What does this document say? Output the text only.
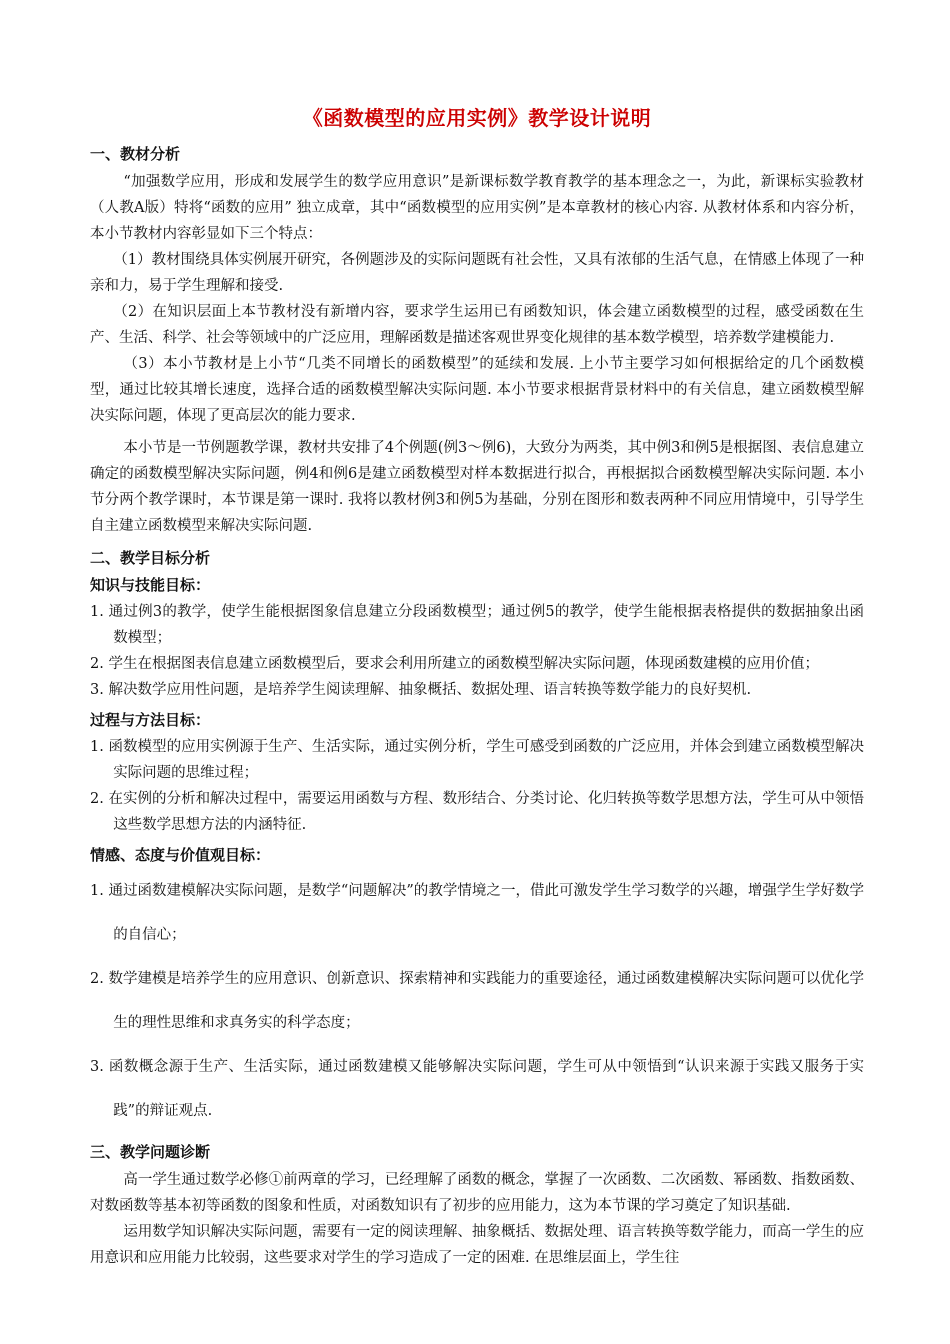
《函数模型的应用实例》教学设计说明
一、教材分析

“加强数学应用，形成和发展学生的数学应用意识”是新课标数学教育教学的基本理念之一，为此，新课标实验教材（人教A版）特将“函数的应用” 独立成章，其中“函数模型的应用实例”是本章教材的核心内容. 从教材体系和内容分析，本小节教材内容彰显如下三个特点：

（1）教材围绕具体实例展开研究，各例题涉及的实际问题既有社会性，又具有浓郁的生活气息，在情感上体现了一种亲和力，易于学生理解和接受.

（2）在知识层面上本节教材没有新增内容，要求学生运用已有函数知识，体会建立函数模型的过程，感受函数在生产、生活、科学、社会等领域中的广泛应用，理解函数是描述客观世界变化规律的基本数学模型，培养数学建模能力.

（3）本小节教材是上小节“几类不同增长的函数模型”的延续和发展. 上小节主要学习如何根据给定的几个函数模型，通过比较其增长速度，选择合适的函数模型解决实际问题. 本小节要求根据背景材料中的有关信息，建立函数模型解决实际问题，体现了更高层次的能力要求.

本小节是一节例题教学课，教材共安排了4个例题(例3～例6)，大致分为两类，其中例3和例5是根据图、表信息建立确定的函数模型解决实际问题，例4和例6是建立函数模型对样本数据进行拟合，再根据拟合函数模型解决实际问题. 本小节分两个教学课时，本节课是第一课时. 我将以教材例3和例5为基础，分别在图形和数表两种不同应用情境中，引导学生自主建立函数模型来解决实际问题.

二、教学目标分析
知识与技能目标：

1. 通过例3的教学，使学生能根据图象信息建立分段函数模型；通过例5的教学，使学生能根据表格提供的数据抽象出函数模型；

2. 学生在根据图表信息建立函数模型后，要求会利用所建立的函数模型解决实际问题，体现函数建模的应用价值；

3. 解决数学应用性问题，是培养学生阅读理解、抽象概括、数据处理、语言转换等数学能力的良好契机.

过程与方法目标：

1. 函数模型的应用实例源于生产、生活实际，通过实例分析，学生可感受到函数的广泛应用，并体会到建立函数模型解决实际问题的思维过程；

2. 在实例的分析和解决过程中，需要运用函数与方程、数形结合、分类讨论、化归转换等数学思想方法，学生可从中领悟这些数学思想方法的内涵特征.

情感、态度与价值观目标：

1. 通过函数建模解决实际问题，是数学“问题解决”的教学情境之一，借此可激发学生学习数学的兴趣，增强学生学好数学的自信心；

2. 数学建模是培养学生的应用意识、创新意识、探索精神和实践能力的重要途径，通过函数建模解决实际问题可以优化学生的理性思维和求真务实的科学态度；

3. 函数概念源于生产、生活实际，通过函数建模又能够解决实际问题，学生可从中领悟到“认识来源于实践又服务于实践”的辩证观点.

三、教学问题诊断

高一学生通过数学必修①前两章的学习，已经理解了函数的概念，掌握了一次函数、二次函数、幂函数、指数函数、对数函数等基本初等函数的图象和性质，对函数知识有了初步的应用能力，这为本节课的学习奠定了知识基础.

运用数学知识解决实际问题，需要有一定的阅读理解、抽象概括、数据处理、语言转换等数学能力，而高一学生的应用意识和应用能力比较弱，这些要求对学生的学习造成了一定的困难. 在思维层面上，学生往
